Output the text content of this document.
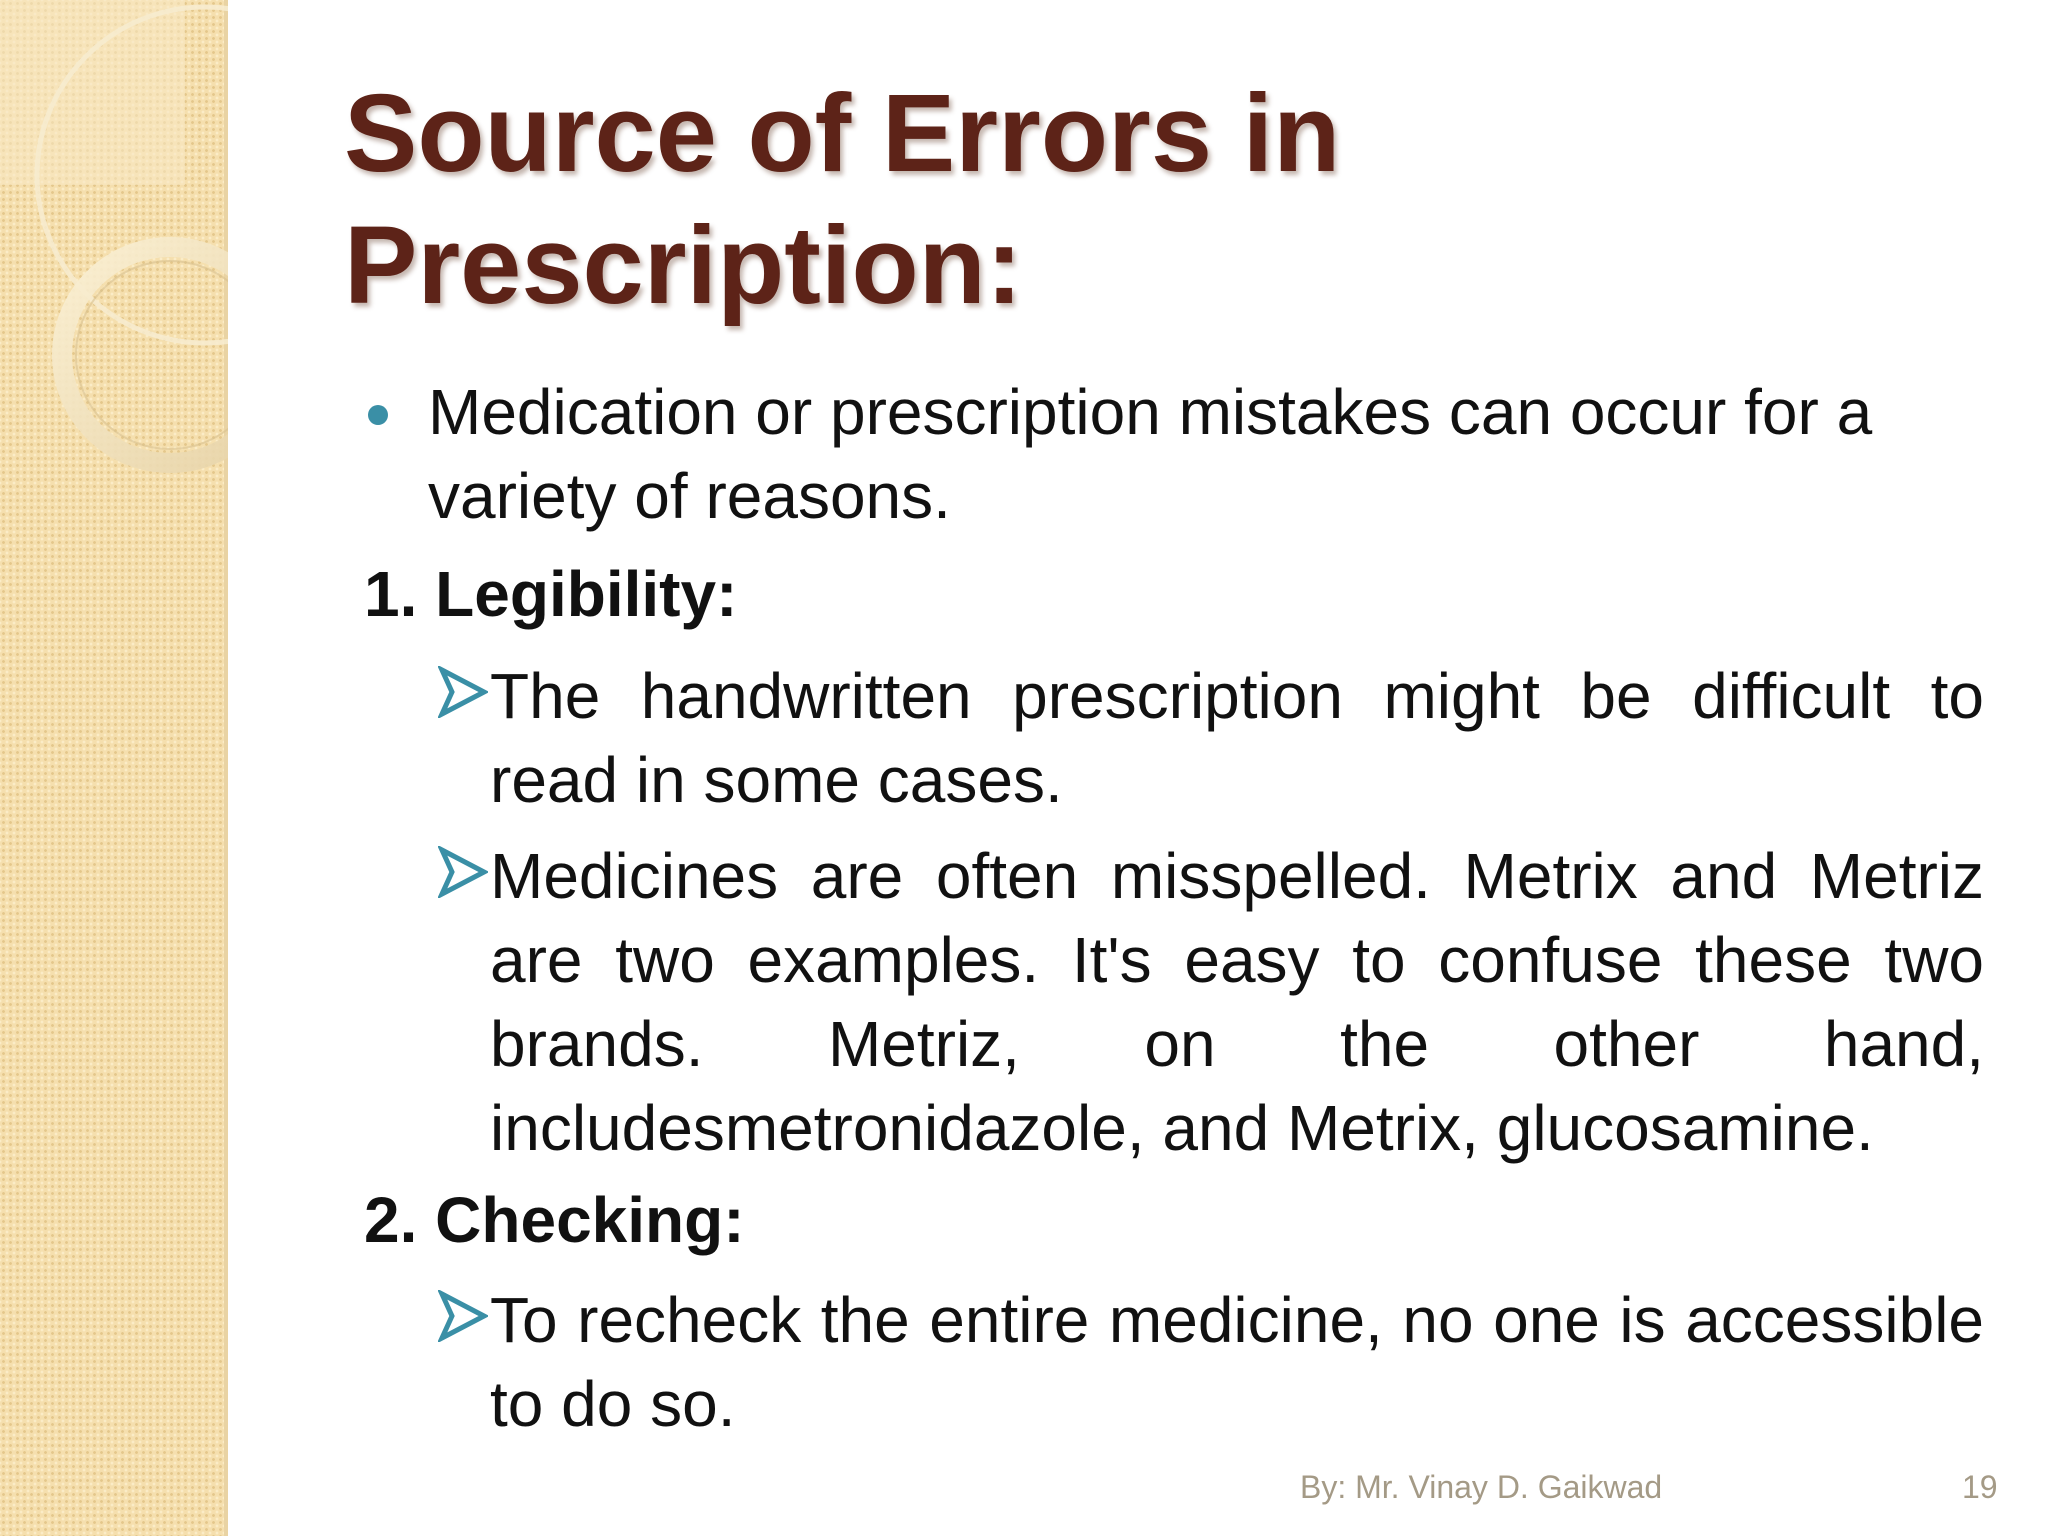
Source of Errors in Prescription:
Medication or prescription mistakes can occur for a variety of reasons.
1. Legibility:
The handwritten prescription might be difficult to read in some cases.
Medicines are often misspelled. Metrix and Metriz are two examples. It's easy to confuse these two brands. Metriz, on the other hand, includesmetronidazole, and Metrix, glucosamine.
2. Checking:
To recheck the entire medicine, no one is accessible to do so.
By: Mr. Vinay D. Gaikwad	19
